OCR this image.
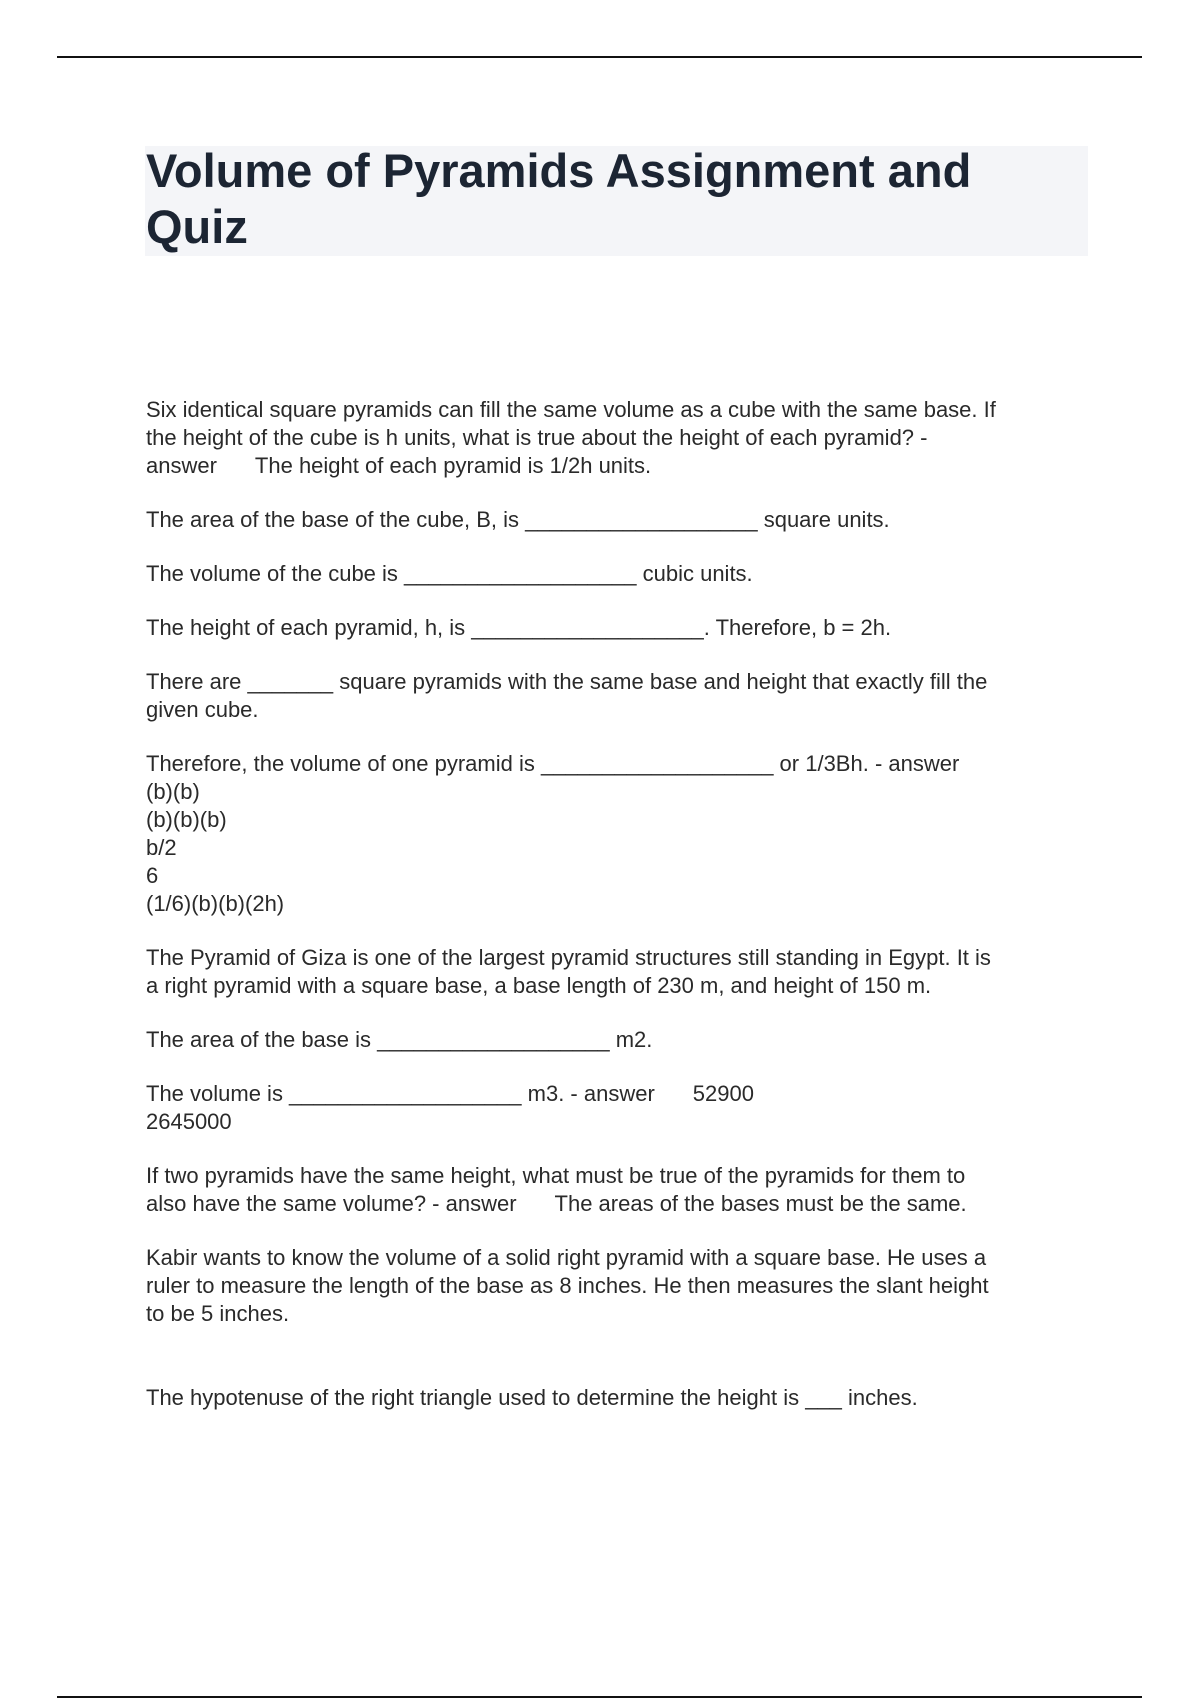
Volume of Pyramids Assignment and Quiz

Six identical square pyramids can fill the same volume as a cube with the same base. If
the height of the cube is h units, what is true about the height of each pyramid? -
answer The height of each pyramid is 1/2h units.

The area of the base of the cube, B, is ___________________ square units.

The volume of the cube is ___________________ cubic units.

The height of each pyramid, h, is ___________________. Therefore, b = 2h.

There are _______ square pyramids with the same base and height that exactly fill the
given cube.

Therefore, the volume of one pyramid is ___________________ or 1/3Bh. - answer
(b)(b)
(b)(b)(b)
b/2
6
(1/6)(b)(b)(2h)

The Pyramid of Giza is one of the largest pyramid structures still standing in Egypt. It is
a right pyramid with a square base, a base length of 230 m, and height of 150 m.

The area of the base is ___________________ m2.

The volume is ___________________ m3. - answer 52900
2645000

If two pyramids have the same height, what must be true of the pyramids for them to
also have the same volume? - answer The areas of the bases must be the same.

Kabir wants to know the volume of a solid right pyramid with a square base. He uses a
ruler to measure the length of the base as 8 inches. He then measures the slant height
to be 5 inches.

The hypotenuse of the right triangle used to determine the height is ___ inches.
